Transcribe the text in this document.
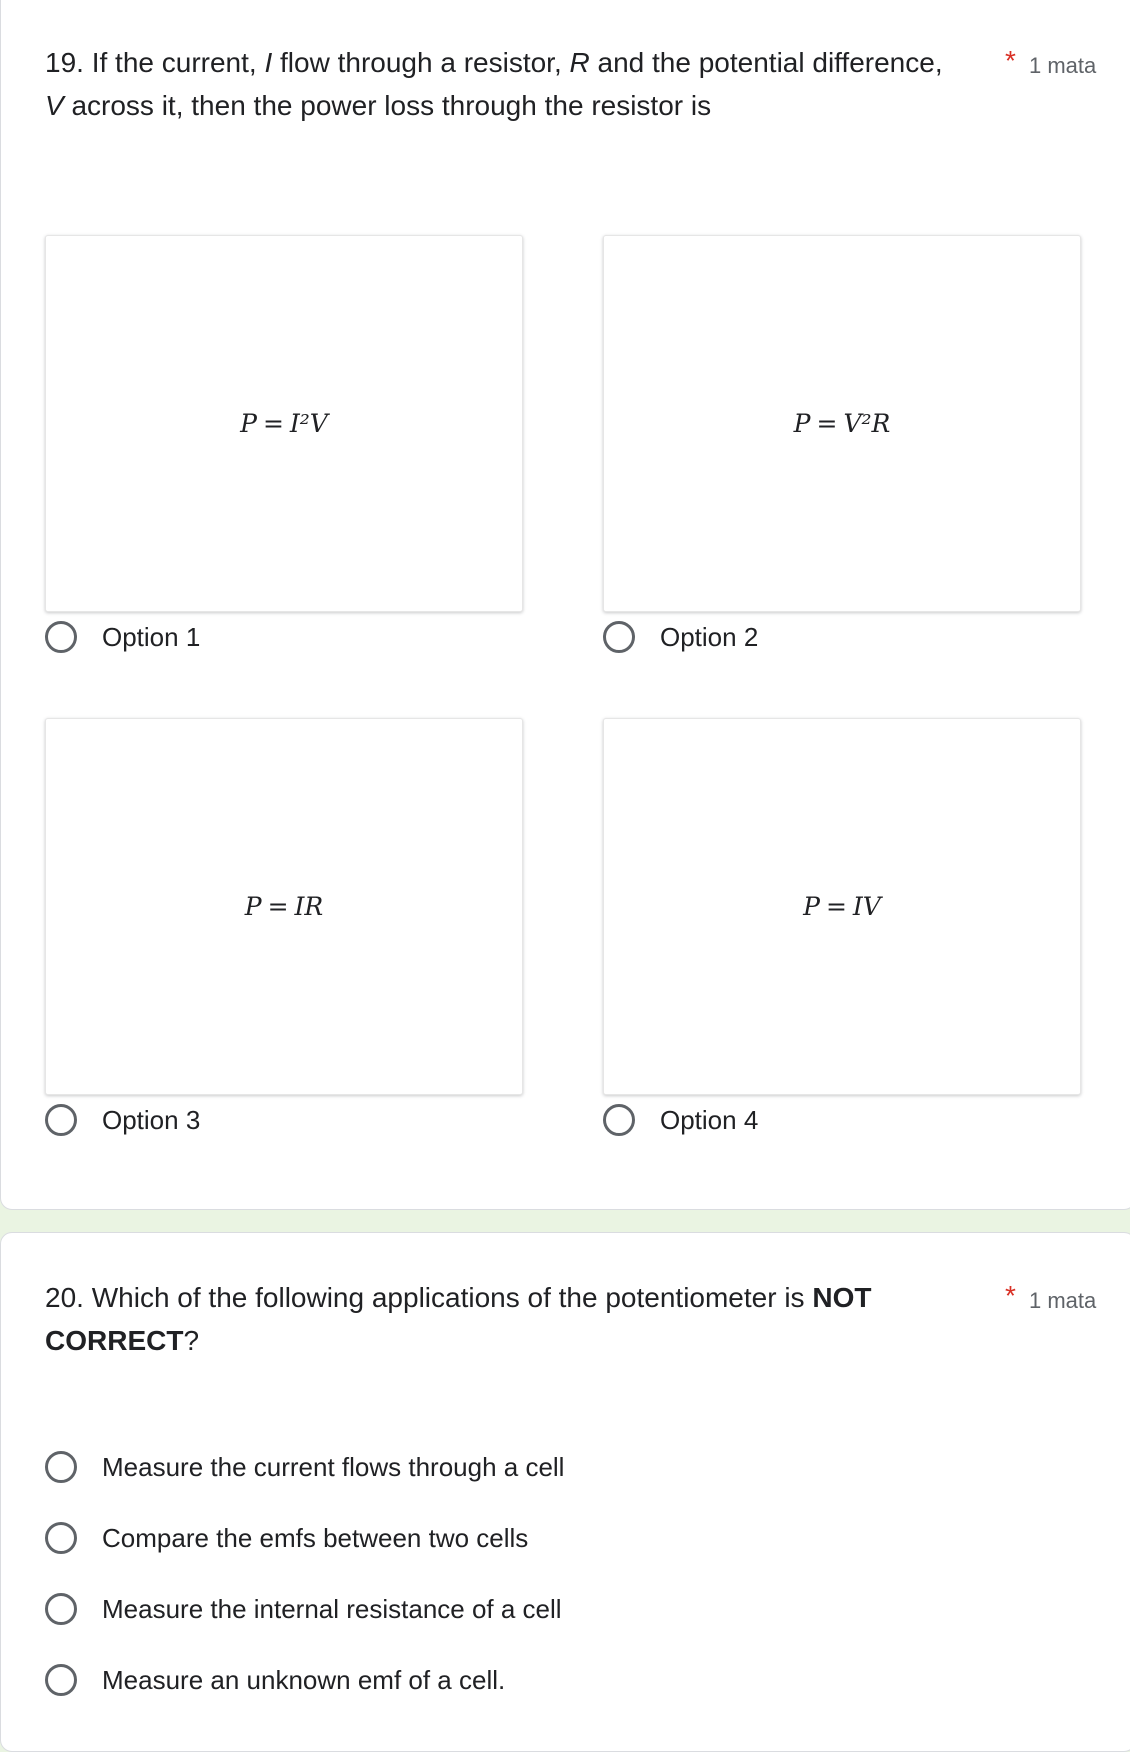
19. If the current, I flow through a resistor, R and the potential difference, V across it, then the power loss through the resistor is
* 1 mata
P = I²V	P = V²R
Option 1	Option 2
P = IR	P = IV
Option 3	Option 4
20. Which of the following applications of the potentiometer is NOT CORRECT?
* 1 mata
Measure the current flows through a cell
Compare the emfs between two cells
Measure the internal resistance of a cell
Measure an unknown emf of a cell.
